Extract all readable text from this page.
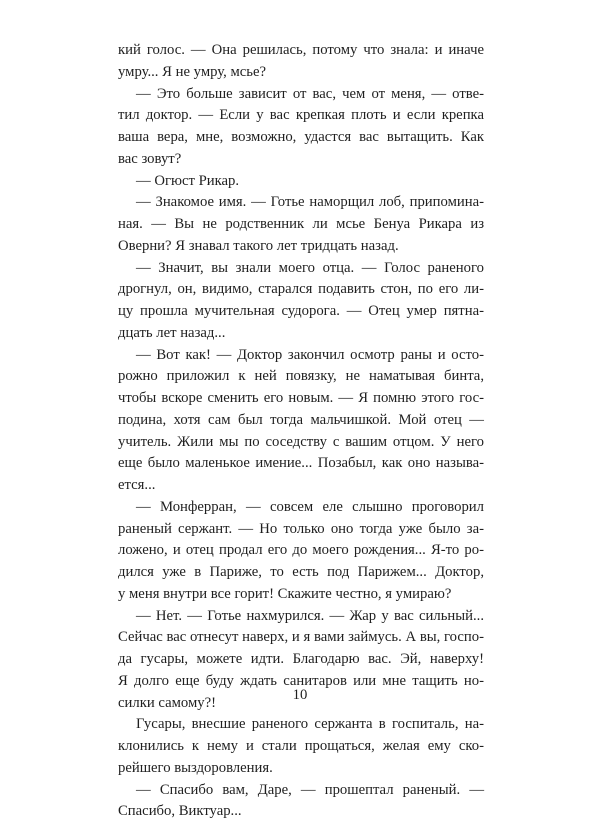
кий голос. — Она решилась, потому что знала: и иначе
умру... Я не умру, мсье?
— Это больше зависит от вас, чем от меня, — отве-
тил доктор. — Если у вас крепкая плоть и если крепка
ваша вера, мне, возможно, удастся вас вытащить. Как
вас зовут?
— Огюст Рикар.
— Знакомое имя. — Готье наморщил лоб, припомина-
ная. — Вы не родственник ли мсье Бенуа Рикара из
Оверни? Я знавал такого лет тридцать назад.
— Значит, вы знали моего отца. — Голос раненого
дрогнул, он, видимо, старался подавить стон, по его ли-
цу прошла мучительная судорога. — Отец умер пятна-
дцать лет назад...
— Вот как! — Доктор закончил осмотр раны и осто-
рожно приложил к ней повязку, не наматывая бинта,
чтобы вскоре сменить его новым. — Я помню этого гос-
подина, хотя сам был тогда мальчишкой. Мой отец —
учитель. Жили мы по соседству с вашим отцом. У него
еще было маленькое имение... Позабыл, как оно называ-
ется...
— Монферран, — совсем еле слышно проговорил
раненый сержант. — Но только оно тогда уже было за-
ложено, и отец продал его до моего рождения... Я-то ро-
дился уже в Париже, то есть под Парижем... Доктор,
у меня внутри все горит! Скажите честно, я умираю?
— Нет. — Готье нахмурился. — Жар у вас сильный...
Сейчас вас отнесут наверх, и я вами займусь. А вы, госпо-
да гусары, можете идти. Благодарю вас. Эй, наверху!
Я долго еще буду ждать санитаров или мне тащить но-
силки самому?!
Гусары, внесшие раненого сержанта в госпиталь, на-
клонились к нему и стали прощаться, желая ему ско-
рейшего выздоровления.
— Спасибо вам, Даре, — прошептал раненый. —
Спасибо, Виктуар...
10
